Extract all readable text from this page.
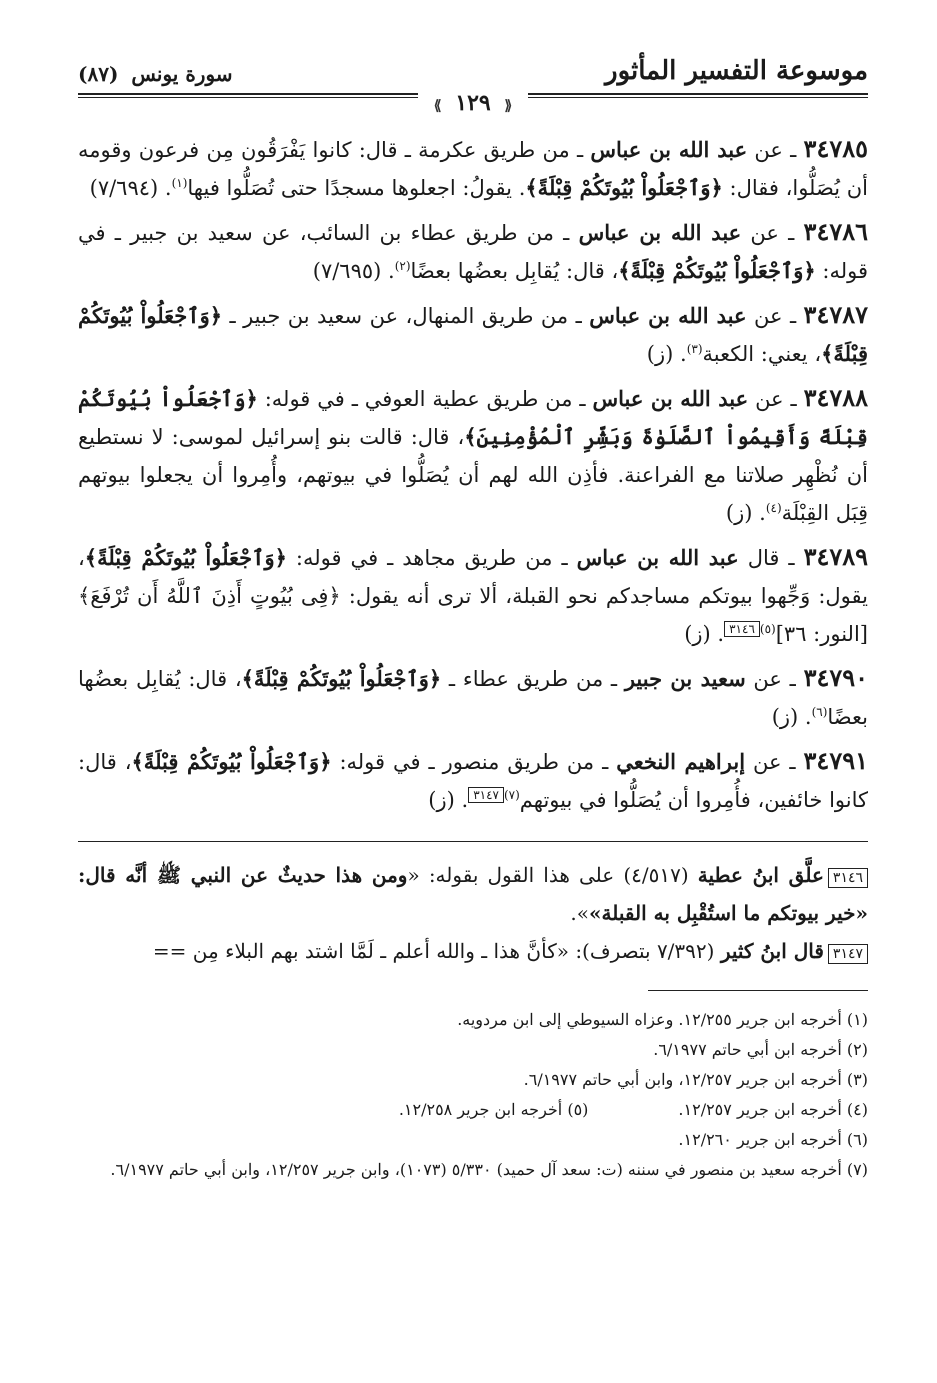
موسوعة التفسير المأثور
سورة يونس (٨٧)
⟪ ١٢٩ ⟫
٣٤٧٨٥ ـ عن عبد الله بن عباس ـ من طريق عكرمة ـ قال: كانوا يَفْرَقُون مِن فرعون وقومه أن يُصَلُّوا، فقال: ﴿وَٱجْعَلُواْ بُيُوتَكُمْ قِبْلَةً﴾. يقولُ: اجعلوها مسجدًا حتى تُصَلُّوا فيها$^{(١)}$. (٧/٦٩٤)
٣٤٧٨٦ ـ عن عبد الله بن عباس ـ من طريق عطاء بن السائب، عن سعيد بن جبير ـ في قوله: ﴿وَٱجْعَلُواْ بُيُوتَكُمْ قِبْلَةً﴾، قال: يُقابِل بعضُها بعضًا$^{(٢)}$. (٧/٦٩٥)
٣٤٧٨٧ ـ عن عبد الله بن عباس ـ من طريق المنهال، عن سعيد بن جبير ـ ﴿وَٱجْعَلُواْ بُيُوتَكُمْ قِبْلَةً﴾، يعني: الكعبة$^{(٣)}$. (ز)
٣٤٧٨٨ ـ عن عبد الله بن عباس ـ من طريق عطية العوفي ـ في قوله: ﴿وَٱجْعَلُواْ بُيُوتَكُمْ قِبْلَةً وَأَقِيمُواْ ٱلصَّلَوٰةَ وَبَشِّرِ ٱلْمُؤْمِنِينَ﴾، قال: قالت بنو إسرائيل لموسى: لا نستطيع أن نُظْهِر صلاتنا مع الفراعنة. فأذِن الله لهم أن يُصَلُّوا في بيوتهم، وأُمِروا أن يجعلوا بيوتهم قِبَل القِبْلَة$^{(٤)}$. (ز)
٣٤٧٨٩ ـ قال عبد الله بن عباس ـ من طريق مجاهد ـ في قوله: ﴿وَٱجْعَلُواْ بُيُوتَكُمْ قِبْلَةً﴾، يقول: وَجِّهوا بيوتكم مساجدكم نحو القبلة، ألا ترى أنه يقول: ﴿فِى بُيُوتٍ أَذِنَ ٱللَّهُ أَن تُرْفَعَ﴾ [النور: ٣٦]$^{(٥)}$٣١٤٦. (ز)
٣٤٧٩٠ ـ عن سعيد بن جبير ـ من طريق عطاء ـ ﴿وَٱجْعَلُواْ بُيُوتَكُمْ قِبْلَةً﴾، قال: يُقابِل بعضُها بعضًا$^{(٦)}$. (ز)
٣٤٧٩١ ـ عن إبراهيم النخعي ـ من طريق منصور ـ في قوله: ﴿وَٱجْعَلُواْ بُيُوتَكُمْ قِبْلَةً﴾، قال: كانوا خائفين، فأُمِروا أن يُصَلُّوا في بيوتهم$^{(٧)}$٣١٤٧. (ز)
٣١٤٦علَّق ابنُ عطية (٤/٥١٧) على هذا القول بقوله: «ومن هذا حديثٌ عن النبي ﷺ أنَّه قال: «خير بيوتكم ما استُقْبِل به القبلة»».
٣١٤٧قال ابنُ كثير (٧/٣٩٢ بتصرف): «كأنَّ هذا ـ والله أعلم ـ لَمَّا اشتد بهم البلاء مِن ==
(١) أخرجه ابن جرير ١٢/٢٥٥. وعزاه السيوطي إلى ابن مردويه.
(٢) أخرجه ابن أبي حاتم ٦/١٩٧٧.
(٣) أخرجه ابن جرير ١٢/٢٥٧، وابن أبي حاتم ٦/١٩٧٧.
(٤) أخرجه ابن جرير ١٢/٢٥٧.
(٥) أخرجه ابن جرير ١٢/٢٥٨.
(٦) أخرجه ابن جرير ١٢/٢٦٠.
(٧) أخرجه سعيد بن منصور في سننه (ت: سعد آل حميد) ٥/٣٣٠ (١٠٧٣)، وابن جرير ١٢/٢٥٧، وابن أبي حاتم ٦/١٩٧٧.
